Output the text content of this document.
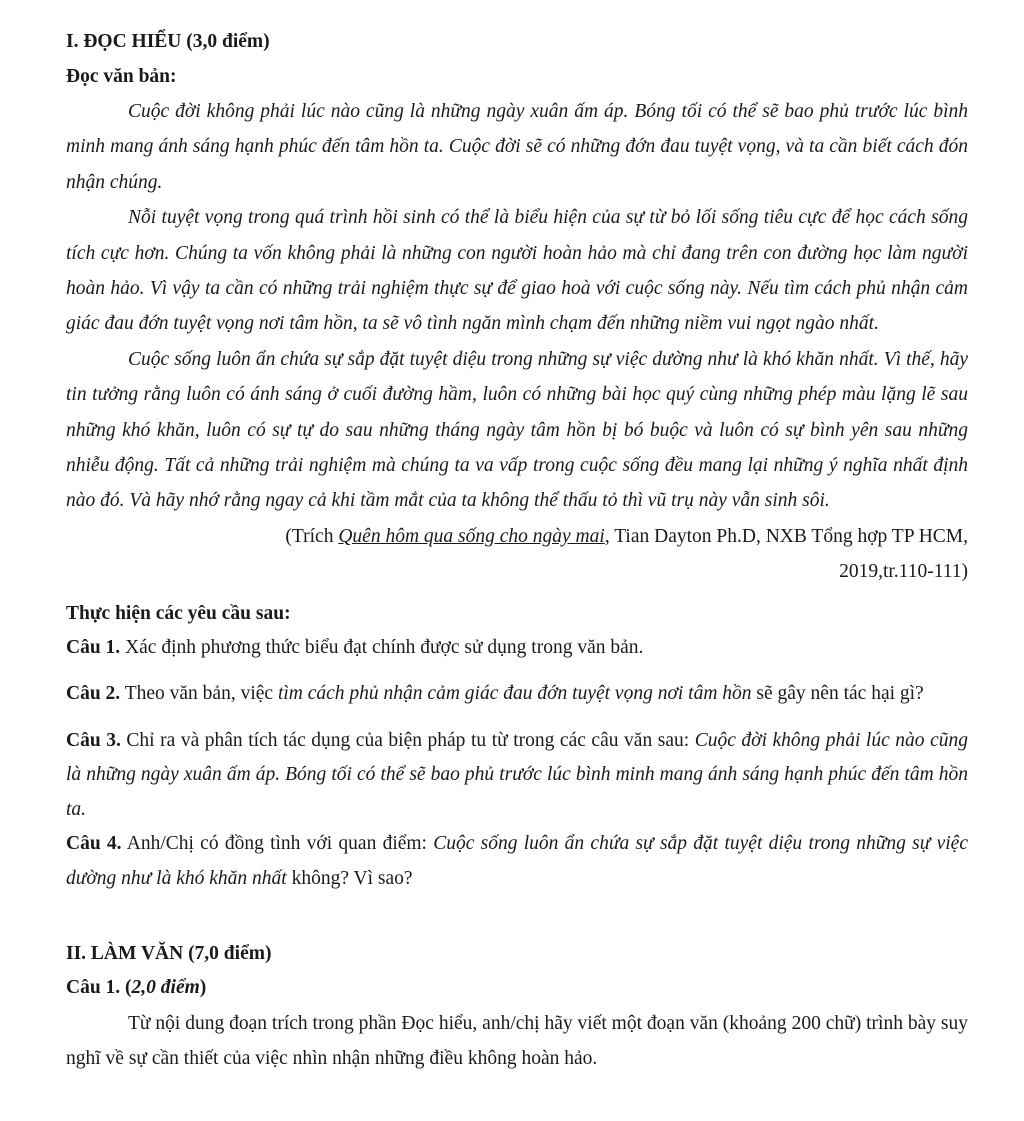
I. ĐỌC HIỂU (3,0 điểm)

Đọc văn bản:

Cuộc đời không phải lúc nào cũng là những ngày xuân ấm áp. Bóng tối có thể sẽ bao phủ trước lúc bình minh mang ánh sáng hạnh phúc đến tâm hồn ta. Cuộc đời sẽ có những đớn đau tuyệt vọng, và ta cần biết cách đón nhận chúng.

Nỗi tuyệt vọng trong quá trình hồi sinh có thể là biểu hiện của sự từ bỏ lối sống tiêu cực để học cách sống tích cực hơn. Chúng ta vốn không phải là những con người hoàn hảo mà chỉ đang trên con đường học làm người hoàn hảo. Vì vậy ta cần có những trải nghiệm thực sự để giao hoà với cuộc sống này. Nếu tìm cách phủ nhận cảm giác đau đớn tuyệt vọng nơi tâm hồn, ta sẽ vô tình ngăn mình chạm đến những niềm vui ngọt ngào nhất.

Cuộc sống luôn ẩn chứa sự sắp đặt tuyệt diệu trong những sự việc dường như là khó khăn nhất. Vì thế, hãy tin tưởng rằng luôn có ánh sáng ở cuối đường hầm, luôn có những bài học quý cùng những phép màu lặng lẽ sau những khó khăn, luôn có sự tự do sau những tháng ngày tâm hồn bị bó buộc và luôn có sự bình yên sau những nhiễu động. Tất cả những trải nghiệm mà chúng ta va vấp trong cuộc sống đều mang lại những ý nghĩa nhất định nào đó. Và hãy nhớ rằng ngay cả khi tầm mắt của ta không thể thấu tỏ thì vũ trụ này vẫn sinh sôi.

(Trích Quên hôm qua sống cho ngày mai, Tian Dayton Ph.D, NXB Tổng hợp TP HCM,
2019,tr.110-111)

Thực hiện các yêu cầu sau:

Câu 1. Xác định phương thức biểu đạt chính được sử dụng trong văn bản.

Câu 2. Theo văn bản, việc tìm cách phủ nhận cảm giác đau đớn tuyệt vọng nơi tâm hồn sẽ gây nên tác hại gì?

Câu 3. Chỉ ra và phân tích tác dụng của biện pháp tu từ trong các câu văn sau: Cuộc đời không phải lúc nào cũng là những ngày xuân ấm áp. Bóng tối có thể sẽ bao phủ trước lúc bình minh mang ánh sáng hạnh phúc đến tâm hồn ta.

Câu 4. Anh/Chị có đồng tình với quan điểm: Cuộc sống luôn ẩn chứa sự sắp đặt tuyệt diệu trong những sự việc dường như là khó khăn nhất không? Vì sao?

II. LÀM VĂN (7,0 điểm)

Câu 1. (2,0 điểm)

Từ nội dung đoạn trích trong phần Đọc hiểu, anh/chị hãy viết một đoạn văn (khoảng 200 chữ) trình bày suy nghĩ về sự cần thiết của việc nhìn nhận những điều không hoàn hảo.
